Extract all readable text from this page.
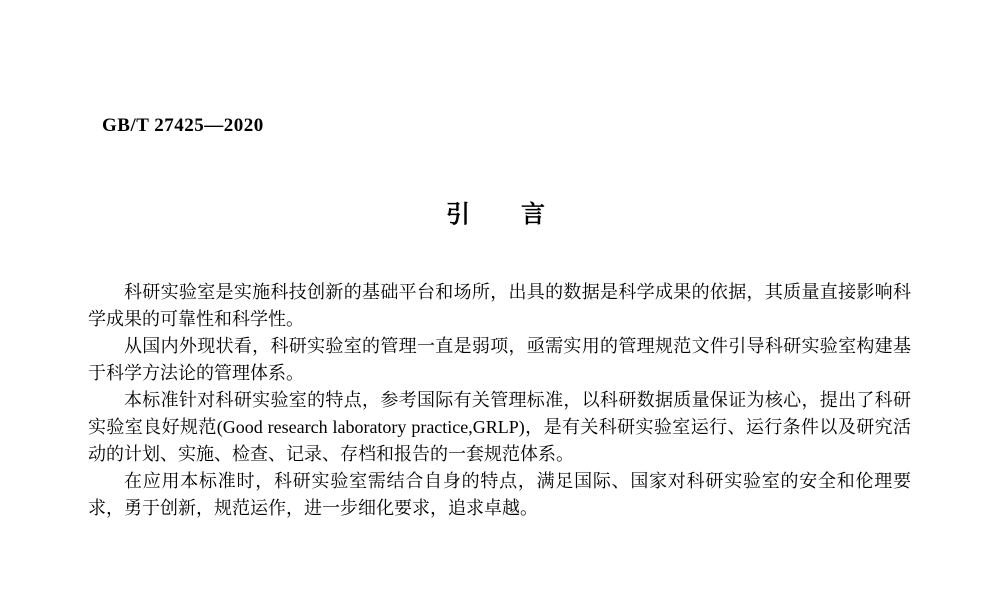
GB/T 27425—2020
引　　言

科研实验室是实施科技创新的基础平台和场所，出具的数据是科学成果的依据，其质量直接影响科学成果的可靠性和科学性。

从国内外现状看，科研实验室的管理一直是弱项，亟需实用的管理规范文件引导科研实验室构建基于科学方法论的管理体系。

本标准针对科研实验室的特点，参考国际有关管理标准，以科研数据质量保证为核心，提出了科研实验室良好规范(Good research laboratory practice,GRLP)，是有关科研实验室运行、运行条件以及研究活动的计划、实施、检查、记录、存档和报告的一套规范体系。

在应用本标准时，科研实验室需结合自身的特点，满足国际、国家对科研实验室的安全和伦理要求，勇于创新，规范运作，进一步细化要求，追求卓越。
